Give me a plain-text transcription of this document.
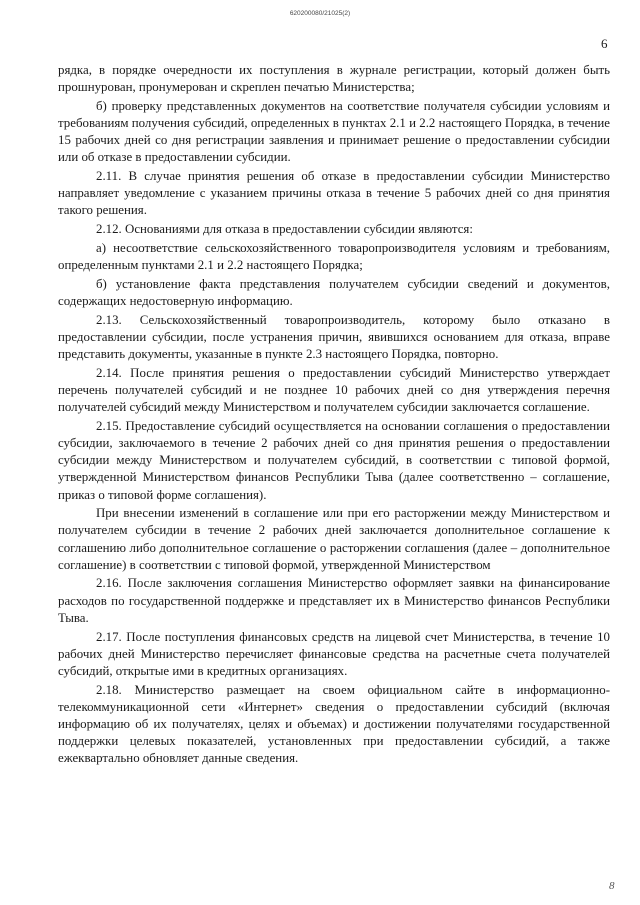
620200080/21025(2)
6

рядка, в порядке очередности их поступления в журнале регистрации, который должен быть прошнурован, пронумерован и скреплен печатью Министерства;

б) проверку представленных документов на соответствие получателя субсидии условиям и требованиям получения субсидий, определенных в пунктах 2.1 и 2.2 настоящего Порядка, в течение 15 рабочих дней со дня регистрации заявления и принимает решение о предоставлении субсидии или об отказе в предоставлении субсидии.

2.11. В случае принятия решения об отказе в предоставлении субсидии Министерство направляет уведомление с указанием причины отказа в течение 5 рабочих дней со дня принятия такого решения.

2.12. Основаниями для отказа в предоставлении субсидии являются:

а) несоответствие сельскохозяйственного товаропроизводителя условиям и требованиям, определенным пунктами 2.1 и 2.2 настоящего Порядка;

б) установление факта представления получателем субсидии сведений и документов, содержащих недостоверную информацию.

2.13. Сельскохозяйственный товаропроизводитель, которому было отказано в предоставлении субсидии, после устранения причин, явившихся основанием для отказа, вправе представить документы, указанные в пункте 2.3 настоящего Порядка, повторно.

2.14. После принятия решения о предоставлении субсидий Министерство утверждает перечень получателей субсидий и не позднее 10 рабочих дней со дня утверждения перечня получателей субсидий между Министерством и получателем субсидии заключается соглашение.

2.15. Предоставление субсидий осуществляется на основании соглашения о предоставлении субсидии, заключаемого в течение 2 рабочих дней со дня принятия решения о предоставлении субсидии между Министерством и получателем субсидий, в соответствии с типовой формой, утвержденной Министерством финансов Республики Тыва (далее соответственно – соглашение, приказ о типовой форме соглашения).

При внесении изменений в соглашение или при его расторжении между Министерством и получателем субсидии в течение 2 рабочих дней заключается дополнительное соглашение к соглашению либо дополнительное соглашение о расторжении соглашения (далее – дополнительное соглашение) в соответствии с типовой формой, утвержденной Министерством

2.16. После заключения соглашения Министерство оформляет заявки на финансирование расходов по государственной поддержке и представляет их в Министерство финансов Республики Тыва.

2.17. После поступления финансовых средств на лицевой счет Министерства, в течение 10 рабочих дней Министерство перечисляет финансовые средства на расчетные счета получателей субсидий, открытые ими в кредитных организациях.

2.18. Министерство размещает на своем официальном сайте в информационно-телекоммуникационной сети «Интернет» сведения о предоставлении субсидий (включая информацию об их получателях, целях и объемах) и достижении получателями государственной поддержки целевых показателей, установленных при предоставлении субсидий, а также ежеквартально обновляет данные сведения.

8
